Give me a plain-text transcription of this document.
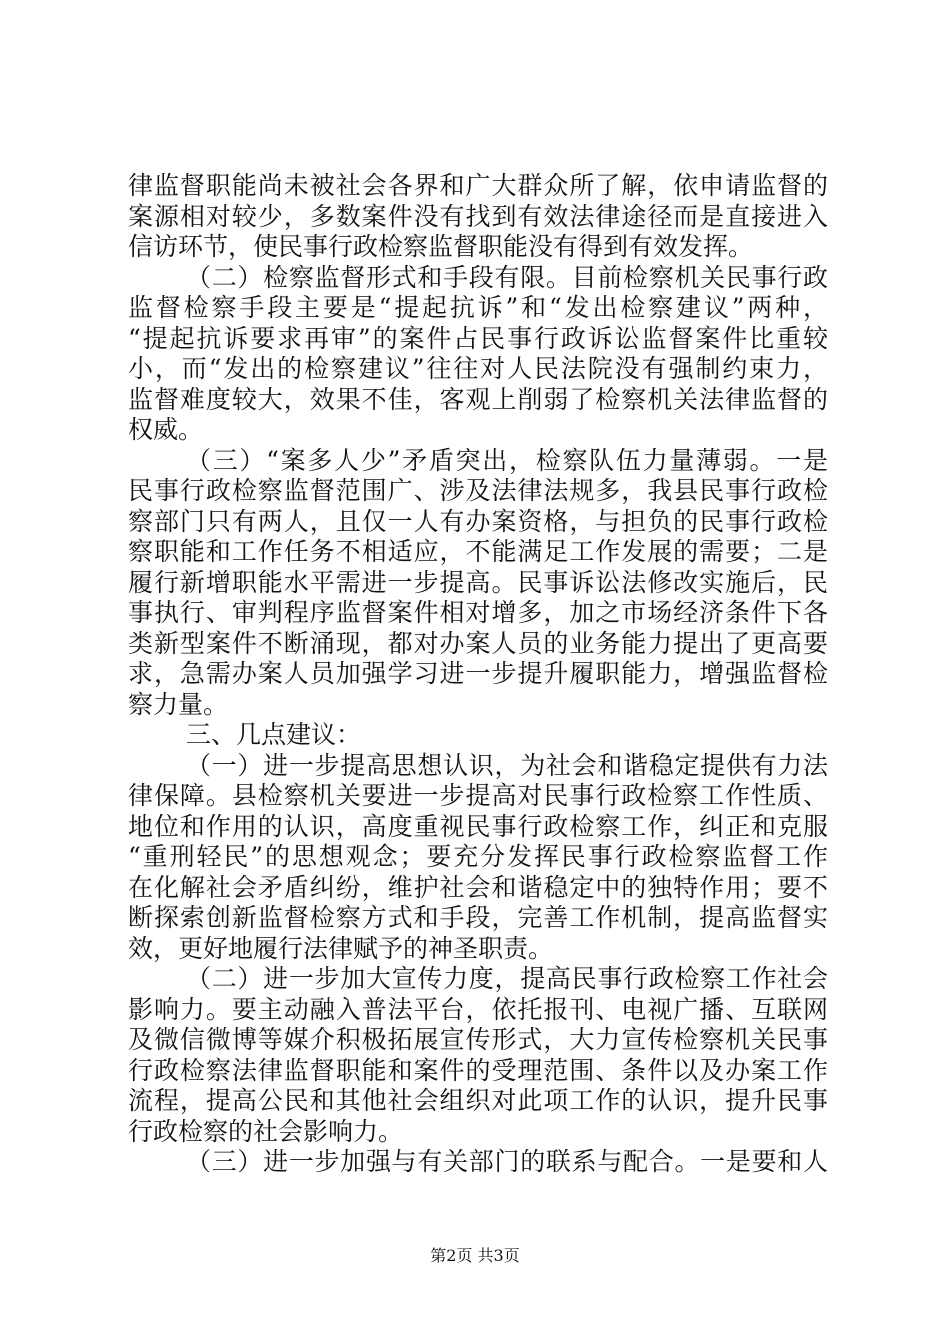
律监督职能尚未被社会各界和广大群众所了解，依申请监督的
案源相对较少，多数案件没有找到有效法律途径而是直接进入
信访环节，使民事行政检察监督职能没有得到有效发挥。
（二）检察监督形式和手段有限。目前检察机关民事行政
监督检察手段主要是“提起抗诉”和“发出检察建议”两种，
“提起抗诉要求再审”的案件占民事行政诉讼监督案件比重较
小，而“发出的检察建议”往往对人民法院没有强制约束力，
监督难度较大，效果不佳，客观上削弱了检察机关法律监督的
权威。
（三）“案多人少”矛盾突出，检察队伍力量薄弱。一是
民事行政检察监督范围广、涉及法律法规多，我县民事行政检
察部门只有两人，且仅一人有办案资格，与担负的民事行政检
察职能和工作任务不相适应，不能满足工作发展的需要；二是
履行新增职能水平需进一步提高。民事诉讼法修改实施后，民
事执行、审判程序监督案件相对增多，加之市场经济条件下各
类新型案件不断涌现，都对办案人员的业务能力提出了更高要
求，急需办案人员加强学习进一步提升履职能力，增强监督检
察力量。
三、几点建议：
（一）进一步提高思想认识，为社会和谐稳定提供有力法
律保障。县检察机关要进一步提高对民事行政检察工作性质、
地位和作用的认识，高度重视民事行政检察工作，纠正和克服
“重刑轻民”的思想观念；要充分发挥民事行政检察监督工作
在化解社会矛盾纠纷，维护社会和谐稳定中的独特作用；要不
断探索创新监督检察方式和手段，完善工作机制，提高监督实
效，更好地履行法律赋予的神圣职责。
（二）进一步加大宣传力度，提高民事行政检察工作社会
影响力。要主动融入普法平台，依托报刊、电视广播、互联网
及微信微博等媒介积极拓展宣传形式，大力宣传检察机关民事
行政检察法律监督职能和案件的受理范围、条件以及办案工作
流程，提高公民和其他社会组织对此项工作的认识，提升民事
行政检察的社会影响力。
（三）进一步加强与有关部门的联系与配合。一是要和人
第2页 共3页
